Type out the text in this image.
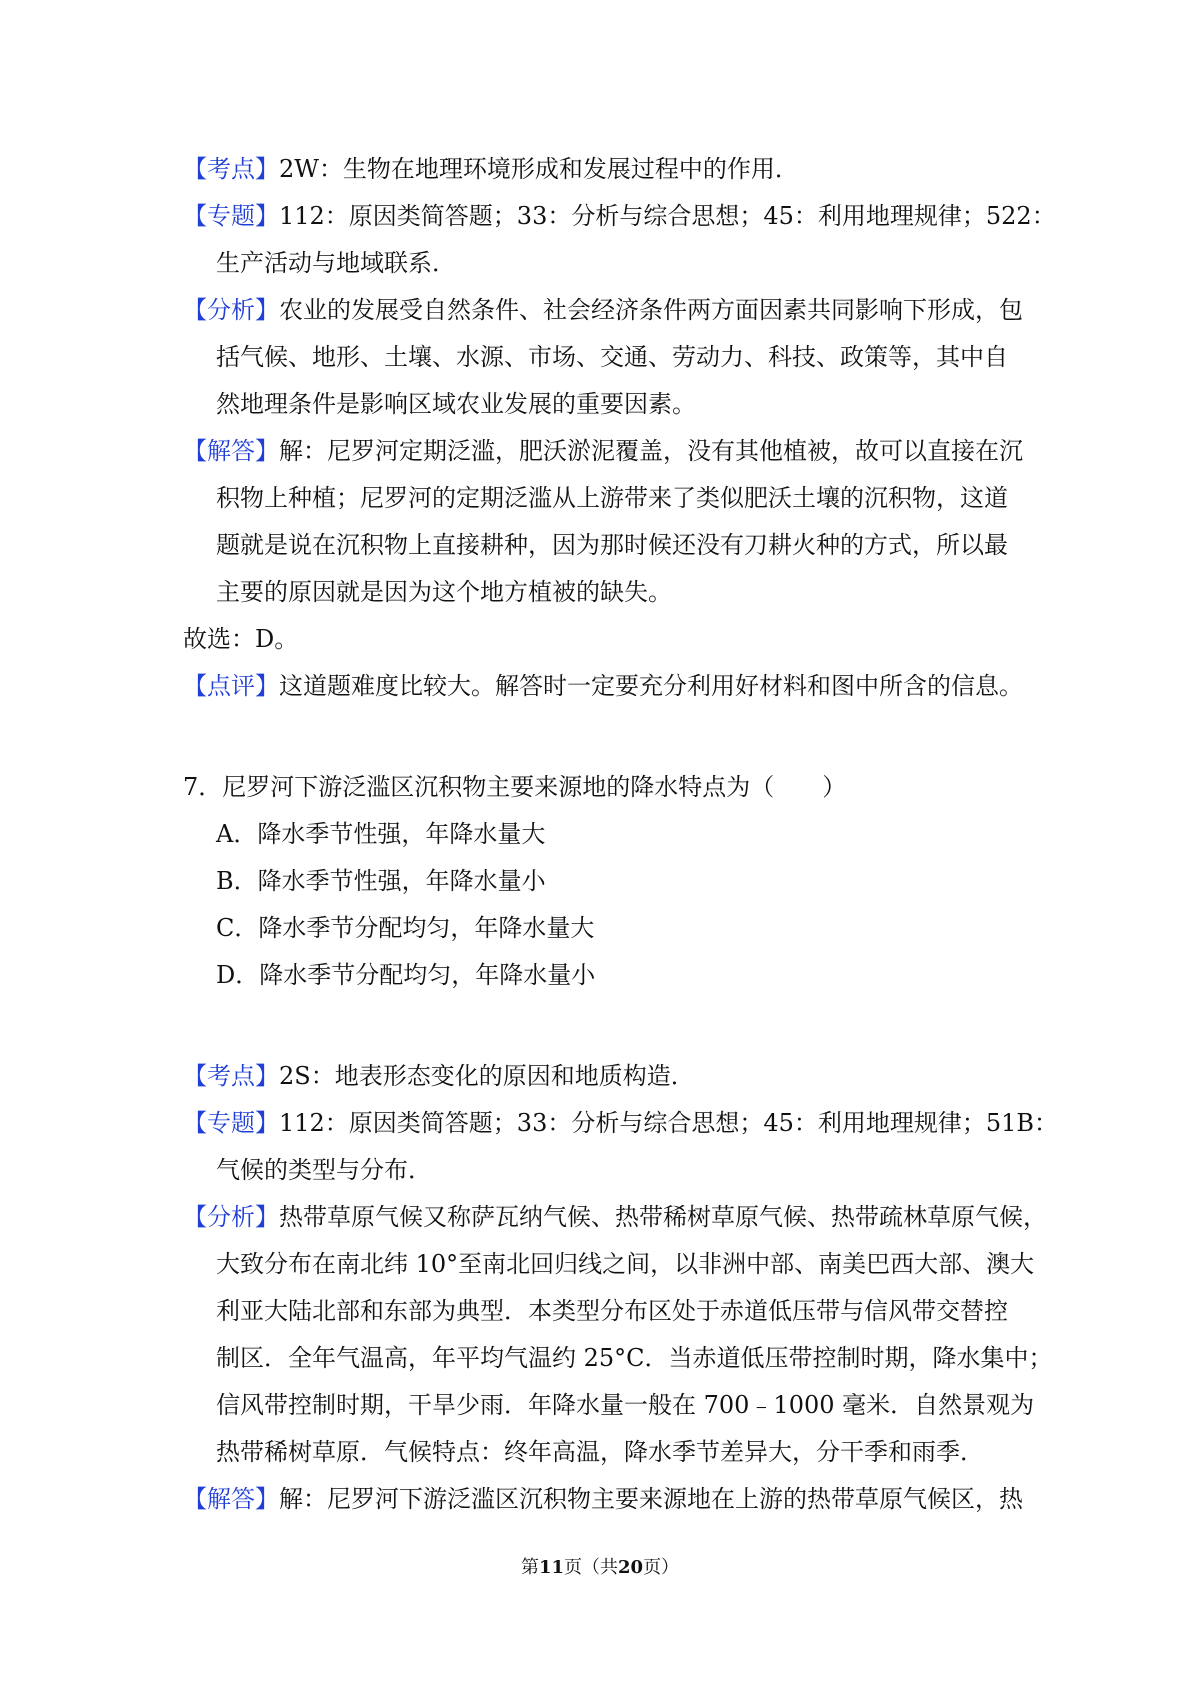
【考点】2W：生物在地理环境形成和发展过程中的作用．
【专题】112：原因类简答题；33：分析与综合思想；45：利用地理规律；522：
生产活动与地域联系．
【分析】农业的发展受自然条件、社会经济条件两方面因素共同影响下形成，包
括气候、地形、土壤、水源、市场、交通、劳动力、科技、政策等，其中自
然地理条件是影响区域农业发展的重要因素。
【解答】解：尼罗河定期泛滥，肥沃淤泥覆盖，没有其他植被，故可以直接在沉
积物上种植；尼罗河的定期泛滥从上游带来了类似肥沃土壤的沉积物，这道
题就是说在沉积物上直接耕种，因为那时候还没有刀耕火种的方式，所以最
主要的原因就是因为这个地方植被的缺失。
故选：D。
【点评】这道题难度比较大。解答时一定要充分利用好材料和图中所含的信息。
7．尼罗河下游泛滥区沉积物主要来源地的降水特点为（　　）
A．降水季节性强，年降水量大
B．降水季节性强，年降水量小
C．降水季节分配均匀，年降水量大
D．降水季节分配均匀，年降水量小
【考点】2S：地表形态变化的原因和地质构造．
【专题】112：原因类简答题；33：分析与综合思想；45：利用地理规律；51B：
气候的类型与分布．
【分析】热带草原气候又称萨瓦纳气候、热带稀树草原气候、热带疏林草原气候，
大致分布在南北纬 10°至南北回归线之间，以非洲中部、南美巴西大部、澳大
利亚大陆北部和东部为典型．本类型分布区处于赤道低压带与信风带交替控
制区．全年气温高，年平均气温约 25°C．当赤道低压带控制时期，降水集中；
信风带控制时期，干旱少雨．年降水量一般在 700﹣1000 毫米．自然景观为
热带稀树草原．气候特点：终年高温，降水季节差异大，分干季和雨季．
【解答】解：尼罗河下游泛滥区沉积物主要来源地在上游的热带草原气候区，热
第11页（共20页）
